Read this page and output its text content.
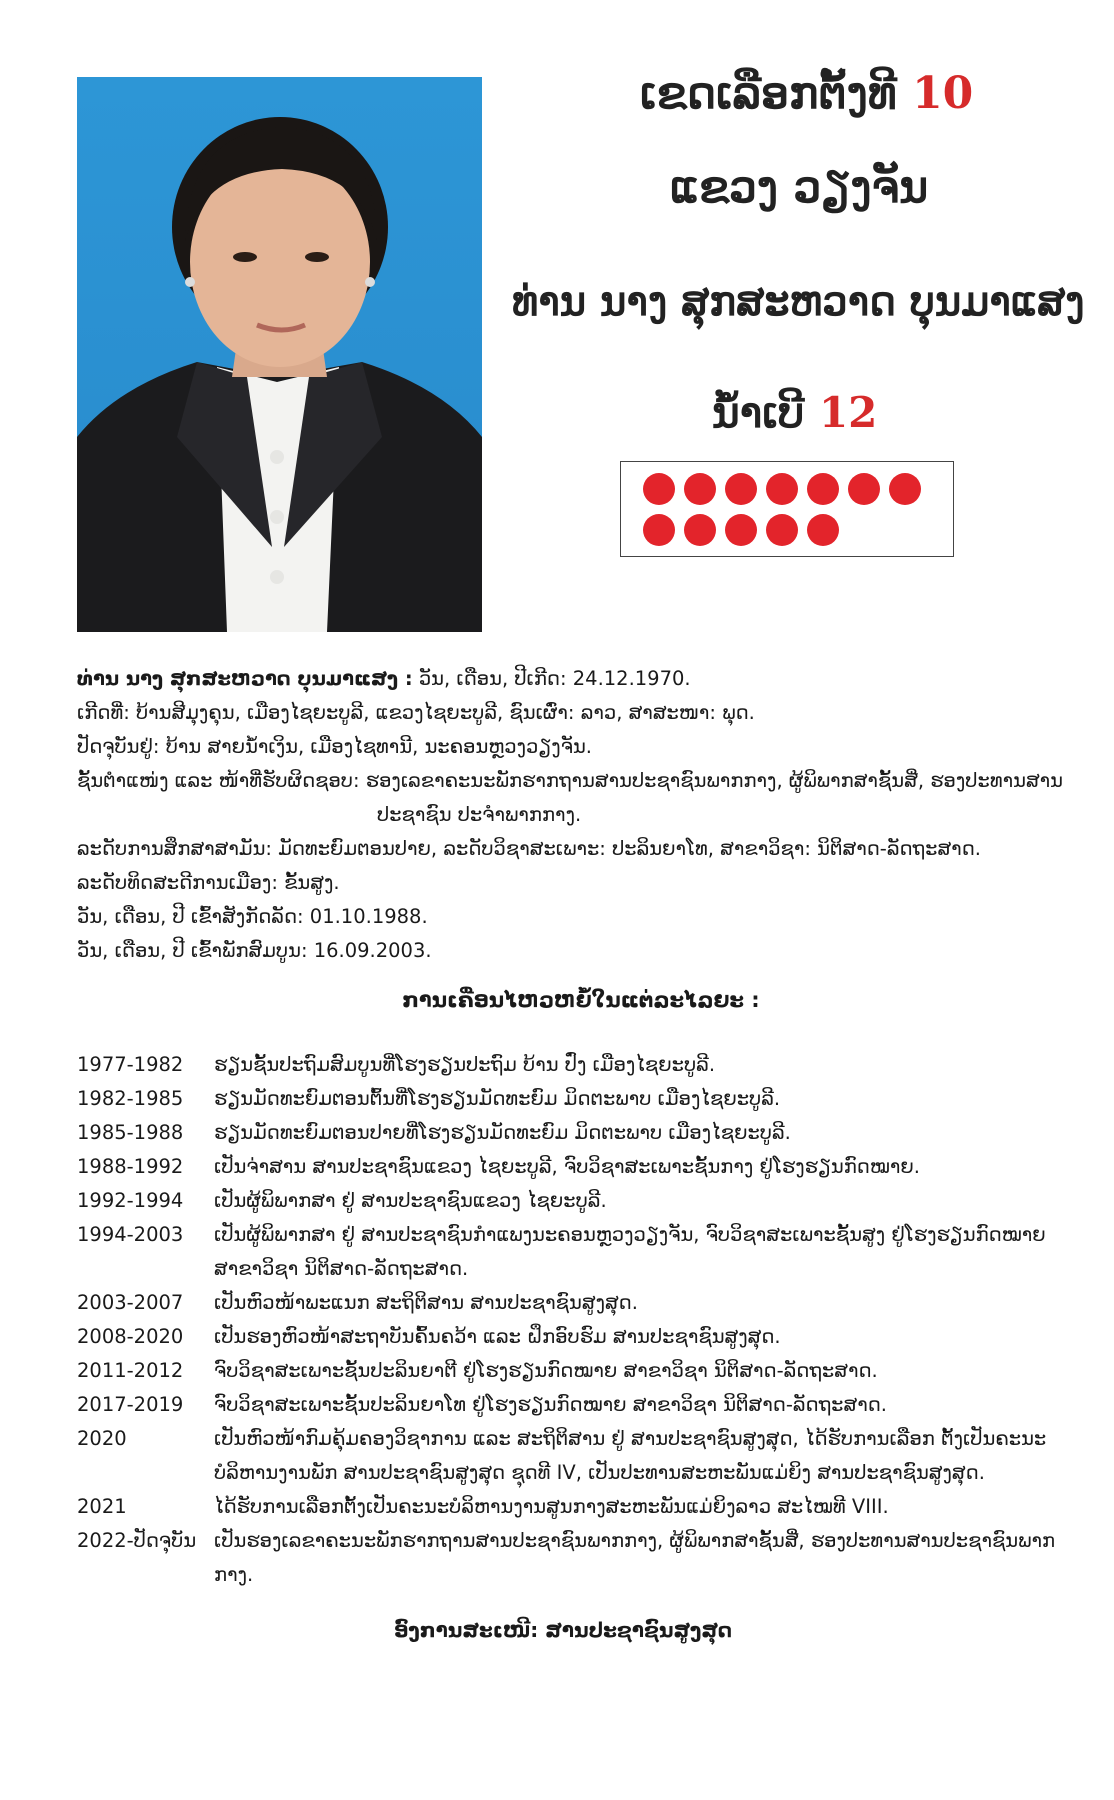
ເຂດເລືອກຕັ້ງທີ 10
ແຂວງ ວຽງຈັນ
ທ່ານ ນາງ ສຸກສະຫວາດ ບຸນມາແສງ
ນໍ້າເບີ 12
ທ່ານ ນາງ ສຸກສະຫວາດ ບຸນມາແສງ : ວັນ, ເດືອນ, ປີເກີດ: 24.12.1970.
ເກີດທີ່: ບ້ານສີມຸງຄຸນ, ເມືອງໄຊຍະບູລີ, ແຂວງໄຊຍະບູລີ, ຊົນເຜົ່າ: ລາວ, ສາສະໜາ: ພຸດ.
ປັດຈຸບັນຢູ່: ບ້ານ ສາຍນໍ້າເງິນ, ເມືອງໄຊທານີ, ນະຄອນຫຼວງວຽງຈັນ.
ຊັ້ນຕໍາແໜ່ງ ແລະ ໜ້າທີ່ຮັບຜິດຊອບ: ຮອງເລຂາຄະນະພັກຮາກຖານສານປະຊາຊົນພາກກາງ, ຜູ້ພິພາກສາຊັ້ນສີ່, ຮອງປະທານສານ
ປະຊາຊົນ ປະຈໍາພາກກາງ.
ລະດັບການສຶກສາສາມັນ: ມັດທະຍົມຕອນປາຍ, ລະດັບວິຊາສະເພາະ: ປະລິນຍາໂທ, ສາຂາວິຊາ: ນິຕິສາດ-ລັດຖະສາດ.
ລະດັບທິດສະດີການເມືອງ: ຂັ້ນສູງ.
ວັນ, ເດືອນ, ປີ ເຂົ້າສັງກັດລັດ: 01.10.1988.
ວັນ, ເດືອນ, ປີ ເຂົ້າພັກສົມບູນ: 16.09.2003.
ການເຄື່ອນໄຫວຫຍໍ້ໃນແຕ່ລະໄລຍະ :
1977-1982	ຮຽນຊັ້ນປະຖົມສົມບູນທີ່ໂຮງຮຽນປະຖົມ ບ້ານ ປົ່ງ ເມືອງໄຊຍະບູລີ.
1982-1985	ຮຽນມັດທະຍົມຕອນຕົ້ນທີ່ໂຮງຮຽນມັດທະຍົມ ມິດຕະພາບ ເມືອງໄຊຍະບູລີ.
1985-1988	ຮຽນມັດທະຍົມຕອນປາຍທີ່ໂຮງຮຽນມັດທະຍົມ ມິດຕະພາບ ເມືອງໄຊຍະບູລີ.
1988-1992	ເປັນຈ່າສານ ສານປະຊາຊົນແຂວງ ໄຊຍະບູລີ, ຈົບວິຊາສະເພາະຊັ້ນກາງ ຢູ່ໂຮງຮຽນກົດໝາຍ.
1992-1994	ເປັນຜູ້ພິພາກສາ ຢູ່ ສານປະຊາຊົນແຂວງ ໄຊຍະບູລີ.
1994-2003	ເປັນຜູ້ພິພາກສາ ຢູ່ ສານປະຊາຊົນກໍາແພງນະຄອນຫຼວງວຽງຈັນ, ຈົບວິຊາສະເພາະຊັ້ນສູງ ຢູ່ໂຮງຮຽນກົດໝາຍ ສາຂາວິຊາ ນິຕິສາດ-ລັດຖະສາດ.
2003-2007	ເປັນຫົວໜ້າພະແນກ ສະຖິຕິສານ ສານປະຊາຊົນສູງສຸດ.
2008-2020	ເປັນຮອງຫົວໜ້າສະຖາບັນຄົ້ນຄວ້າ ແລະ ຝຶກອົບຮົມ ສານປະຊາຊົນສູງສຸດ.
2011-2012	ຈົບວິຊາສະເພາະຊັ້ນປະລິນຍາຕີ ຢູ່ໂຮງຮຽນກົດໝາຍ ສາຂາວິຊາ ນິຕິສາດ-ລັດຖະສາດ.
2017-2019	ຈົບວິຊາສະເພາະຊັ້ນປະລິນຍາໂທ ຢູ່ໂຮງຮຽນກົດໝາຍ ສາຂາວິຊາ ນິຕິສາດ-ລັດຖະສາດ.
2020	ເປັນຫົວໜ້າກົມຄຸ້ມຄອງວິຊາການ ແລະ ສະຖິຕິສານ ຢູ່ ສານປະຊາຊົນສູງສຸດ, ໄດ້ຮັບການເລືອກ ຕັ້ງເປັນຄະນະບໍລິຫານງານພັກ ສານປະຊາຊົນສູງສຸດ ຊຸດທີ IV, ເປັນປະທານສະຫະພັນແມ່ຍິງ ສານປະຊາຊົນສູງສຸດ.
2021	ໄດ້ຮັບການເລືອກຕັ້ງເປັນຄະນະບໍລິຫານງານສູນກາງສະຫະພັນແມ່ຍິງລາວ ສະໄໝທີ VIII.
2022-ປັດຈຸບັນ ເປັນຮອງເລຂາຄະນະພັກຮາກຖານສານປະຊາຊົນພາກກາງ, ຜູ້ພິພາກສາຊັ້ນສີ່, ຮອງປະທານສານປະຊາຊົນພາກກາງ.
ອົງການສະເໜີ: ສານປະຊາຊົນສູງສຸດ
